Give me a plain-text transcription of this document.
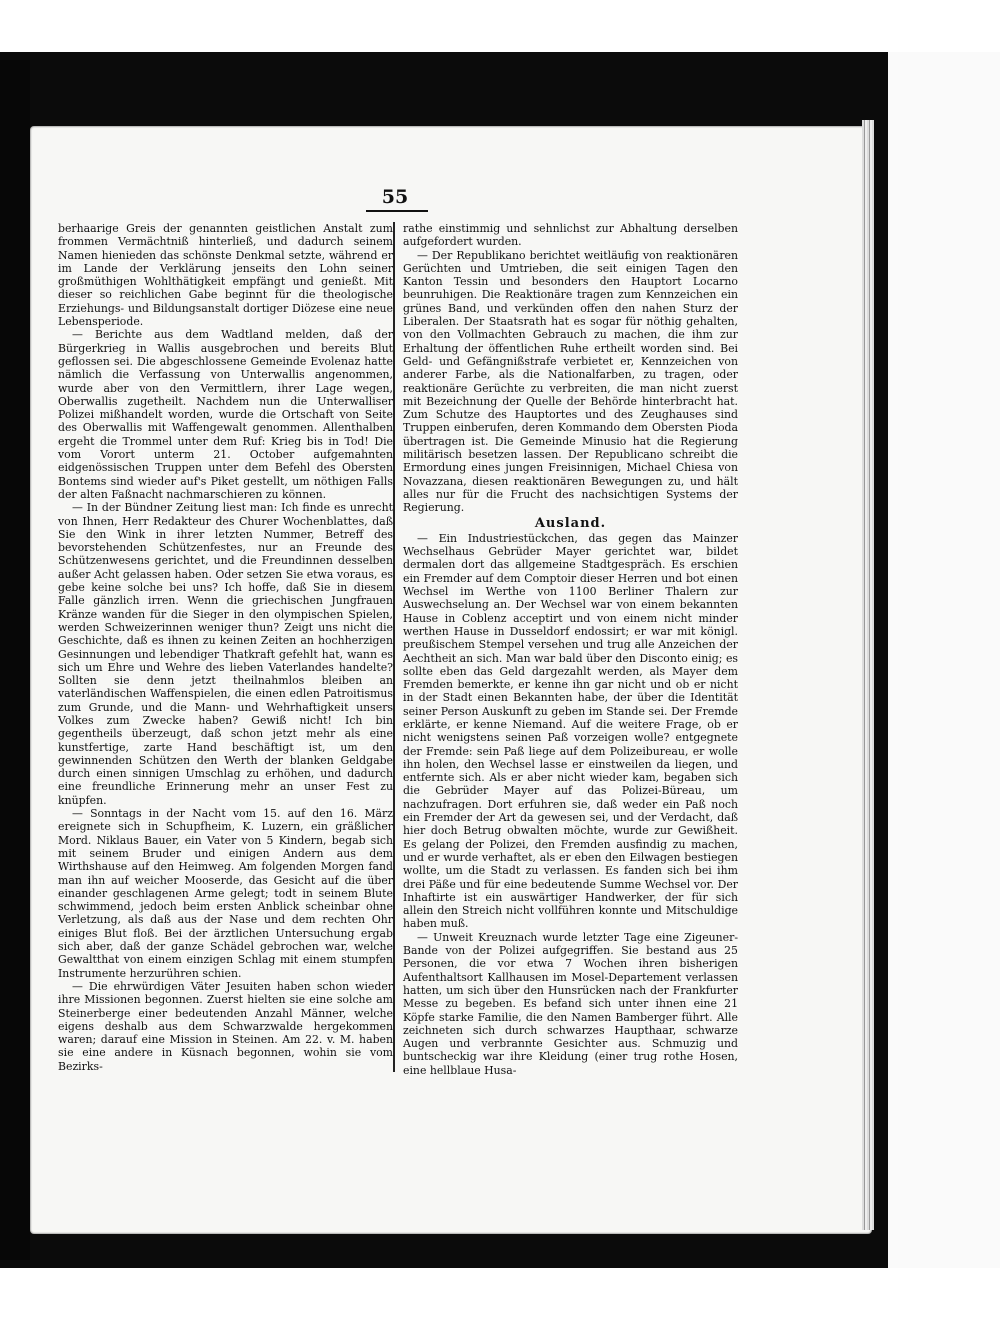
55

berhaarige Greis der genannten geistlichen Anstalt zum frommen Vermächtniß hinterließ, und dadurch seinem Namen hienieden das schönste Denkmal setzte, während er im Lande der Verklärung jenseits den Lohn seiner großmüthigen Wohlthätigkeit empfängt und genießt. Mit dieser so reichlichen Gabe beginnt für die theologische Erziehungs- und Bildungsanstalt dortiger Diözese eine neue Lebensperiode.

— Berichte aus dem Wadtland melden, daß der Bürgerkrieg in Wallis ausgebrochen und bereits Blut geflossen sei. Die abgeschlossene Gemeinde Evolenaz hatte nämlich die Verfassung von Unterwallis angenommen, wurde aber von den Vermittlern, ihrer Lage wegen, Oberwallis zugetheilt. Nachdem nun die Unterwalliser Polizei mißhandelt worden, wurde die Ortschaft von Seite des Oberwallis mit Waffengewalt genommen. Allenthalben ergeht die Trommel unter dem Ruf: Krieg bis in Tod! Die vom Vorort unterm 21. October aufgemahnten eidgenössischen Truppen unter dem Befehl des Obersten Bontems sind wieder auf's Piket gestellt, um nöthigen Falls der alten Faßnacht nachmarschieren zu können.

— In der Bündner Zeitung liest man: Ich finde es unrecht von Ihnen, Herr Redakteur des Churer Wochenblattes, daß Sie den Wink in ihrer letzten Nummer, Betreff des bevorstehenden Schützenfestes, nur an Freunde des Schützenwesens gerichtet, und die Freundinnen desselben außer Acht gelassen haben. Oder setzen Sie etwa voraus, es gebe keine solche bei uns? Ich hoffe, daß Sie in diesem Falle gänzlich irren. Wenn die griechischen Jungfrauen Kränze wanden für die Sieger in den olympischen Spielen, werden Schweizerinnen weniger thun? Zeigt uns nicht die Geschichte, daß es ihnen zu keinen Zeiten an hochherzigen Gesinnungen und lebendiger Thatkraft gefehlt hat, wann es sich um Ehre und Wehre des lieben Vaterlandes handelte? Sollten sie denn jetzt theilnahmlos bleiben an vaterländischen Waffenspielen, die einen edlen Patroitismus zum Grunde, und die Mann- und Wehrhaftigkeit unsers Volkes zum Zwecke haben? Gewiß nicht! Ich bin gegentheils überzeugt, daß schon jetzt mehr als eine kunstfertige, zarte Hand beschäftigt ist, um den gewinnenden Schützen den Werth der blanken Geldgabe durch einen sinnigen Umschlag zu erhöhen, und dadurch eine freundliche Erinnerung mehr an unser Fest zu knüpfen.

— Sonntags in der Nacht vom 15. auf den 16. März ereignete sich in Schupfheim, K. Luzern, ein gräßlicher Mord. Niklaus Bauer, ein Vater von 5 Kindern, begab sich mit seinem Bruder und einigen Andern aus dem Wirthshause auf den Heimweg. Am folgenden Morgen fand man ihn auf weicher Mooserde, das Gesicht auf die über einander geschlagenen Arme gelegt; todt in seinem Blute schwimmend, jedoch beim ersten Anblick scheinbar ohne Verletzung, als daß aus der Nase und dem rechten Ohr einiges Blut floß. Bei der ärztlichen Untersuchung ergab sich aber, daß der ganze Schädel gebrochen war, welche Gewaltthat von einem einzigen Schlag mit einem stumpfen Instrumente herzurühren schien.

— Die ehrwürdigen Väter Jesuiten haben schon wieder ihre Missionen begonnen. Zuerst hielten sie eine solche am Steinerberge einer bedeutenden Anzahl Männer, welche eigens deshalb aus dem Schwarzwalde hergekommen waren; darauf eine Mission in Steinen. Am 22. v. M. haben sie eine andere in Küsnach begonnen, wohin sie vom Bezirks-

rathe einstimmig und sehnlichst zur Abhaltung derselben aufgefordert wurden.

— Der Republikano berichtet weitläufig von reaktionären Gerüchten und Umtrieben, die seit einigen Tagen den Kanton Tessin und besonders den Hauptort Locarno beunruhigen. Die Reaktionäre tragen zum Kennzeichen ein grünes Band, und verkünden offen den nahen Sturz der Liberalen. Der Staatsrath hat es sogar für nöthig gehalten, von den Vollmachten Gebrauch zu machen, die ihm zur Erhaltung der öffentlichen Ruhe ertheilt worden sind. Bei Geld- und Gefängnißstrafe verbietet er, Kennzeichen von anderer Farbe, als die Nationalfarben, zu tragen, oder reaktionäre Gerüchte zu verbreiten, die man nicht zuerst mit Bezeichnung der Quelle der Behörde hinterbracht hat. Zum Schutze des Hauptortes und des Zeughauses sind Truppen einberufen, deren Kommando dem Obersten Pioda übertragen ist. Die Gemeinde Minusio hat die Regierung militärisch besetzen lassen. Der Republicano schreibt die Ermordung eines jungen Freisinnigen, Michael Chiesa von Novazzana, diesen reaktionären Bewegungen zu, und hält alles nur für die Frucht des nachsichtigen Systems der Regierung.

Ausland.

— Ein Industriestückchen, das gegen das Mainzer Wechselhaus Gebrüder Mayer gerichtet war, bildet dermalen dort das allgemeine Stadtgespräch. Es erschien ein Fremder auf dem Comptoir dieser Herren und bot einen Wechsel im Werthe von 1100 Berliner Thalern zur Auswechselung an. Der Wechsel war von einem bekannten Hause in Coblenz acceptirt und von einem nicht minder werthen Hause in Dusseldorf endossirt; er war mit königl. preußischem Stempel versehen und trug alle Anzeichen der Aechtheit an sich. Man war bald über den Disconto einig; es sollte eben das Geld dargezahlt werden, als Mayer dem Fremden bemerkte, er kenne ihn gar nicht und ob er nicht in der Stadt einen Bekannten habe, der über die Identität seiner Person Auskunft zu geben im Stande sei. Der Fremde erklärte, er kenne Niemand. Auf die weitere Frage, ob er nicht wenigstens seinen Paß vorzeigen wolle? entgegnete der Fremde: sein Paß liege auf dem Polizeibureau, er wolle ihn holen, den Wechsel lasse er einstweilen da liegen, und entfernte sich. Als er aber nicht wieder kam, begaben sich die Gebrüder Mayer auf das Polizei-Büreau, um nachzufragen. Dort erfuhren sie, daß weder ein Paß noch ein Fremder der Art da gewesen sei, und der Verdacht, daß hier doch Betrug obwalten möchte, wurde zur Gewißheit. Es gelang der Polizei, den Fremden ausfindig zu machen, und er wurde verhaftet, als er eben den Eilwagen bestiegen wollte, um die Stadt zu verlassen. Es fanden sich bei ihm drei Päße und für eine bedeutende Summe Wechsel vor. Der Inhaftirte ist ein auswärtiger Handwerker, der für sich allein den Streich nicht vollführen konnte und Mitschuldige haben muß.

— Unweit Kreuznach wurde letzter Tage eine Zigeuner-Bande von der Polizei aufgegriffen. Sie bestand aus 25 Personen, die vor etwa 7 Wochen ihren bisherigen Aufenthaltsort Kallhausen im Mosel-Departement verlassen hatten, um sich über den Hunsrücken nach der Frankfurter Messe zu begeben. Es befand sich unter ihnen eine 21 Köpfe starke Familie, die den Namen Bamberger führt. Alle zeichneten sich durch schwarzes Haupthaar, schwarze Augen und verbrannte Gesichter aus. Schmuzig und buntscheckig war ihre Kleidung (einer trug rothe Hosen, eine hellblaue Husa-
